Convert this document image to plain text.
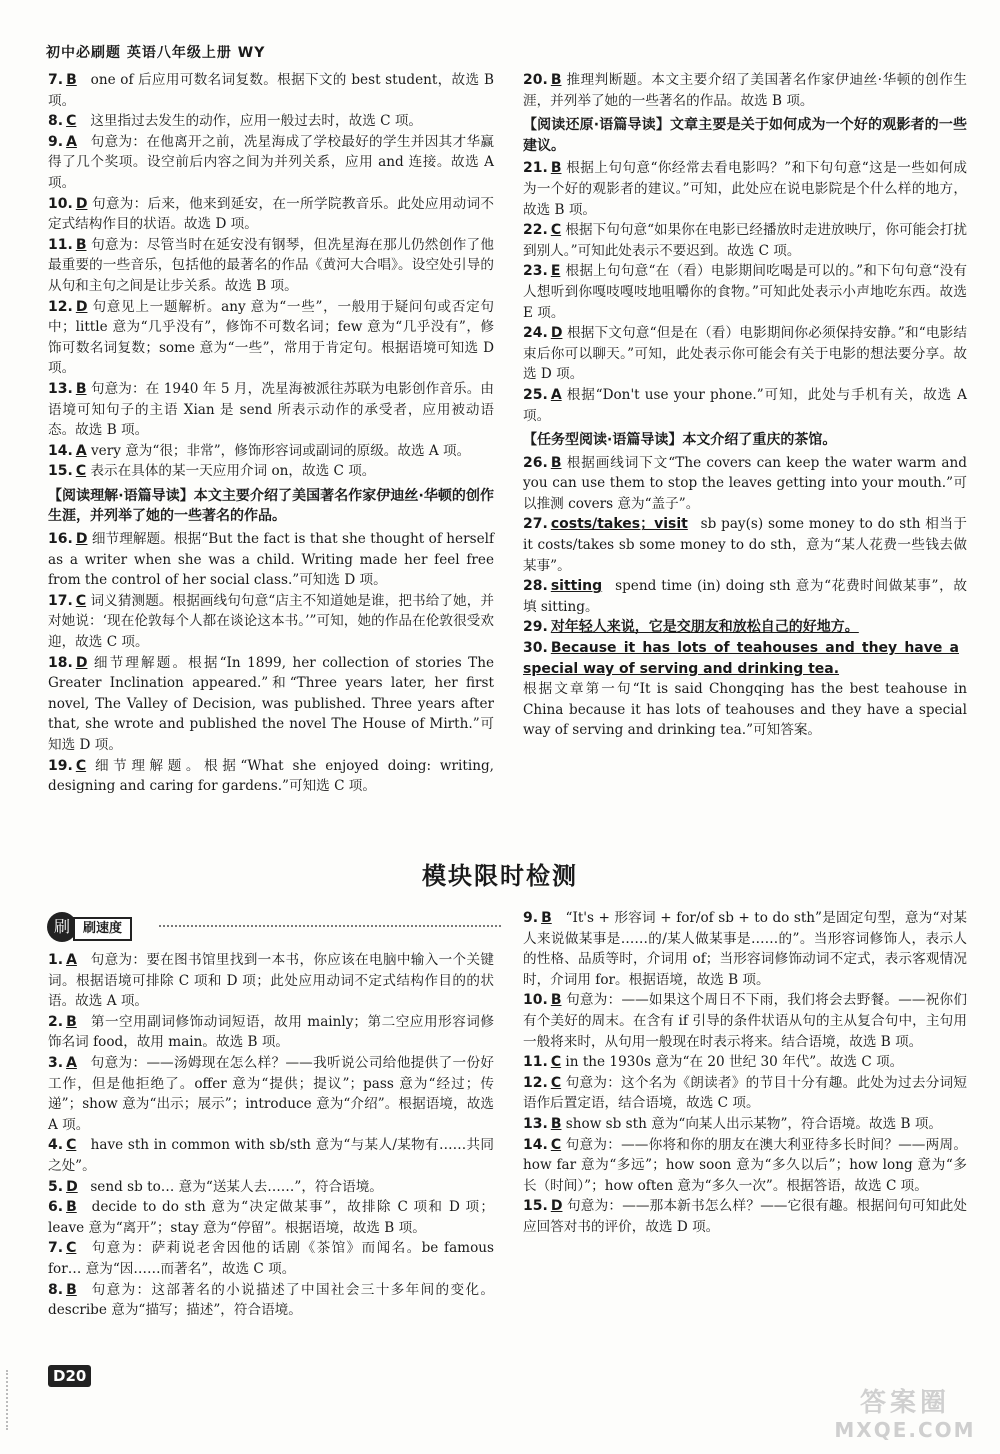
初中必刷题 英语八年级上册 WY
7. B one of 后应用可数名词复数。根据下文的 best student，故选 B 项。
8. C 这里指过去发生的动作，应用一般过去时，故选 C 项。
9. A 句意为：在他离开之前，冼星海成了学校最好的学生并因其才华赢得了几个奖项。设空前后内容之间为并列关系，应用 and 连接。故选 A 项。
10. D 句意为：后来，他来到延安，在一所学院教音乐。此处应用动词不定式结构作目的状语。故选 D 项。
11. B 句意为：尽管当时在延安没有钢琴，但冼星海在那儿仍然创作了他最重要的一些音乐，包括他的最著名的作品《黄河大合唱》。设空处引导的从句和主句之间是让步关系。故选 B 项。
12. D 句意见上一题解析。any 意为“一些”，一般用于疑问句或否定句中；little 意为“几乎没有”，修饰不可数名词；few 意为“几乎没有”，修饰可数名词复数；some 意为“一些”，常用于肯定句。根据语境可知选 D 项。
13. B 句意为：在 1940 年 5 月，冼星海被派往苏联为电影创作音乐。由语境可知句子的主语 Xian 是 send 所表示动作的承受者，应用被动语态。故选 B 项。
14. A very 意为“很；非常”，修饰形容词或副词的原级。故选 A 项。
15. C 表示在具体的某一天应用介词 on，故选 C 项。
【阅读理解·语篇导读】本文主要介绍了美国著名作家伊迪丝·华顿的创作生涯，并列举了她的一些著名的作品。
16. D 细节理解题。根据“But the fact is that she thought of herself as a writer when she was a child. Writing made her feel free from the control of her social class.”可知选 D 项。
17. C 词义猜测题。根据画线句句意“店主不知道她是谁，把书给了她，并对她说：‘现在伦敦每个人都在谈论这本书。’”可知，她的作品在伦敦很受欢迎，故选 C 项。
18. D 细节理解题。根据“In 1899, her collection of stories The Greater Inclination appeared.”和“Three years later, her first novel, The Valley of Decision, was published. Three years after that, she wrote and published the novel The House of Mirth.”可知选 D 项。
19. C 细节理解题。根据“What she enjoyed doing: writing, designing and caring for gardens.”可知选 C 项。
20. B 推理判断题。本文主要介绍了美国著名作家伊迪丝·华顿的创作生涯，并列举了她的一些著名的作品。故选 B 项。
【阅读还原·语篇导读】文章主要是关于如何成为一个好的观影者的一些建议。
21. B 根据上句句意“你经常去看电影吗？”和下句句意“这是一些如何成为一个好的观影者的建议。”可知，此处应在说电影院是个什么样的地方，故选 B 项。
22. C 根据下句句意“如果你在电影已经播放时走进放映厅，你可能会打扰到别人。”可知此处表示不要迟到。故选 C 项。
23. E 根据上句句意“在（看）电影期间吃喝是可以的。”和下句句意“没有人想听到你嘎吱嘎吱地咀嚼你的食物。”可知此处表示小声地吃东西。故选 E 项。
24. D 根据下文句意“但是在（看）电影期间你必须保持安静。”和“电影结束后你可以聊天。”可知，此处表示你可能会有关于电影的想法要分享。故选 D 项。
25. A 根据“Don't use your phone.”可知，此处与手机有关，故选 A 项。
【任务型阅读·语篇导读】本文介绍了重庆的茶馆。
26. B 根据画线词下文“The covers can keep the water warm and you can use them to stop the leaves getting into your mouth.”可以推测 covers 意为“盖子”。
27. costs/takes；visit sb pay(s) some money to do sth 相当于 it costs/takes sb some money to do sth，意为“某人花费一些钱去做某事”。
28. sitting spend time (in) doing sth 意为“花费时间做某事”，故填 sitting。
29. 对年轻人来说，它是交朋友和放松自己的好地方。
30. Because it has lots of teahouses and they have a special way of serving and drinking tea. 根据文章第一句“It is said Chongqing has the best teahouse in China because it has lots of teahouses and they have a special way of serving and drinking tea.”可知答案。
模块限时检测
刷	刷速度
1. A 句意为：要在图书馆里找到一本书，你应该在电脑中输入一个关键词。根据语境可排除 C 项和 D 项；此处应用动词不定式结构作目的的状语。故选 A 项。
2. B 第一空用副词修饰动词短语，故用 mainly；第二空应用形容词修饰名词 food，故用 main。故选 B 项。
3. A 句意为：——汤姆现在怎么样？——我听说公司给他提供了一份好工作，但是他拒绝了。offer 意为“提供；提议”；pass 意为“经过；传递”；show 意为“出示；展示”；introduce 意为“介绍”。根据语境，故选 A 项。
4. C have sth in common with sb/sth 意为“与某人/某物有……共同之处”。
5. D send sb to… 意为“送某人去……”，符合语境。
6. B decide to do sth 意为“决定做某事”，故排除 C 项和 D 项；leave 意为“离开”；stay 意为“停留”。根据语境，故选 B 项。
7. C 句意为：萨莉说老舍因他的话剧《茶馆》而闻名。be famous for… 意为“因……而著名”，故选 C 项。
8. B 句意为：这部著名的小说描述了中国社会三十多年间的变化。describe 意为“描写；描述”，符合语境。
9. B “It's + 形容词 + for/of sb + to do sth”是固定句型，意为“对某人来说做某事是……的/某人做某事是……的”。当形容词修饰人，表示人的性格、品质等时，介词用 of；当形容词修饰动词不定式，表示客观情况时，介词用 for。根据语境，故选 B 项。
10. B 句意为：——如果这个周日不下雨，我们将会去野餐。——祝你们有个美好的周末。在含有 if 引导的条件状语从句的主从复合句中，主句用一般将来时，从句用一般现在时表示将来。结合语境，故选 B 项。
11. C in the 1930s 意为“在 20 世纪 30 年代”。故选 C 项。
12. C 句意为：这个名为《朗读者》的节目十分有趣。此处为过去分词短语作后置定语，结合语境，故选 C 项。
13. B show sb sth 意为“向某人出示某物”，符合语境。故选 B 项。
14. C 句意为：——你将和你的朋友在澳大利亚待多长时间？——两周。how far 意为“多远”；how soon 意为“多久以后”；how long 意为“多长（时间）”；how often 意为“多久一次”。根据答语，故选 C 项。
15. D 句意为：——那本新书怎么样？——它很有趣。根据问句可知此处应回答对书的评价，故选 D 项。
D20
答案圈
MXQE.COM
